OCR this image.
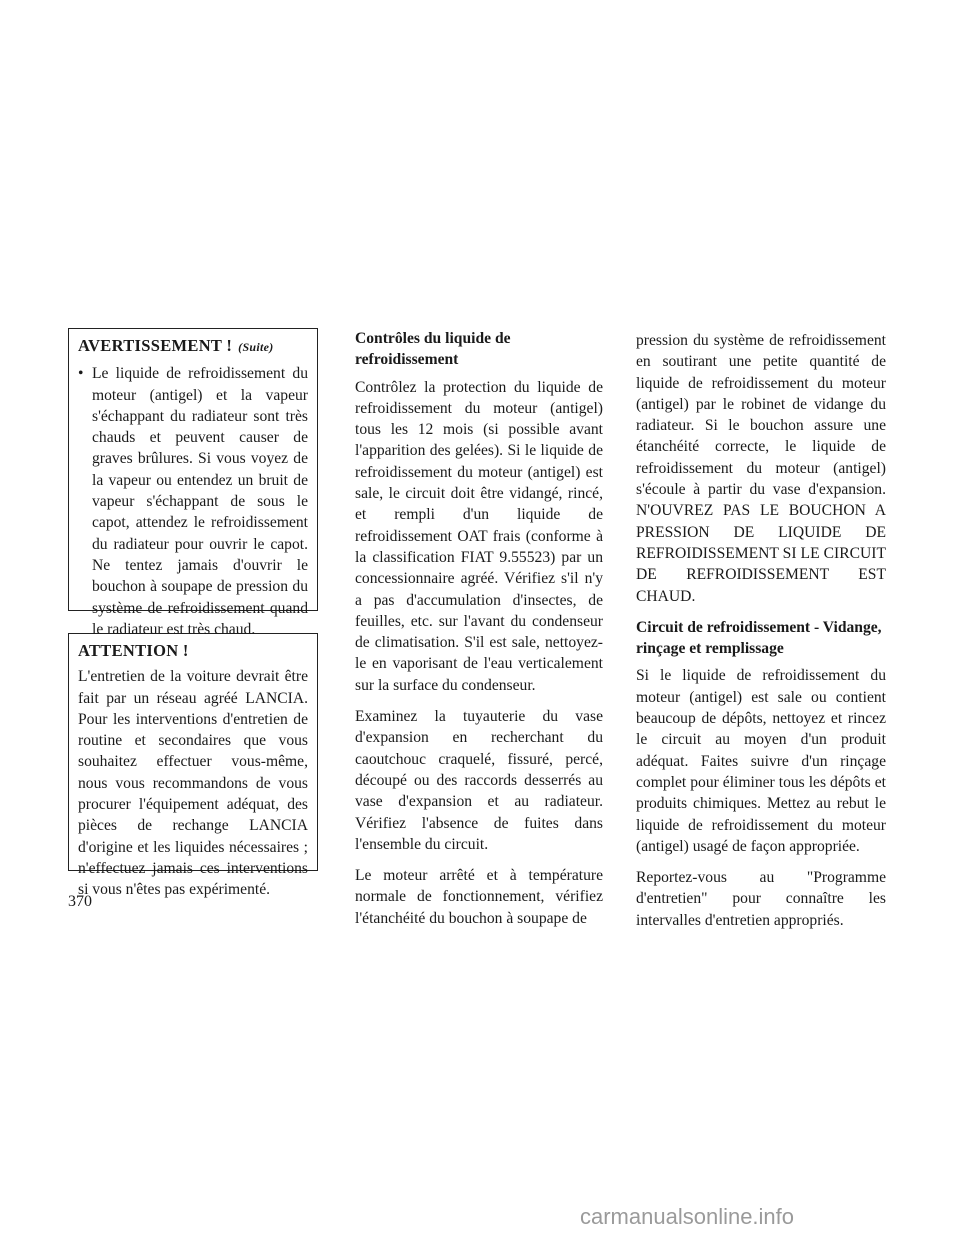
AVERTISSEMENT ! (Suite)
• Le liquide de refroidissement du moteur (antigel) et la vapeur s'échappant du radiateur sont très chauds et peuvent causer de graves brûlures. Si vous voyez de la vapeur ou entendez un bruit de vapeur s'échappant de sous le capot, attendez le refroidissement du radiateur pour ouvrir le capot. Ne tentez jamais d'ouvrir le bouchon à soupape de pression du système de refroidissement quand le radiateur est très chaud.
ATTENTION !

L'entretien de la voiture devrait être fait par un réseau agréé LANCIA. Pour les interventions d'entretien de routine et secondaires que vous souhaitez effectuer vous-même, nous vous recommandons de vous procurer l'équipement adéquat, des pièces de rechange LANCIA d'origine et les liquides nécessaires ; n'effectuez jamais ces interventions si vous n'êtes pas expérimenté.

Contrôles du liquide de refroidissement

Contrôlez la protection du liquide de refroidissement du moteur (antigel) tous les 12 mois (si possible avant l'apparition des gelées). Si le liquide de refroidissement du moteur (antigel) est sale, le circuit doit être vidangé, rincé, et rempli d'un liquide de refroidissement OAT frais (conforme à la classification FIAT 9.55523) par un concessionnaire agréé. Vérifiez s'il n'y a pas d'accumulation d'insectes, de feuilles, etc. sur l'avant du condenseur de climatisation. S'il est sale, nettoyez-le en vaporisant de l'eau verticalement sur la surface du condenseur.

Examinez la tuyauterie du vase d'expansion en recherchant du caoutchouc craquelé, fissuré, percé, découpé ou des raccords desserrés au vase d'expansion et au radiateur. Vérifiez l'absence de fuites dans l'ensemble du circuit.

Le moteur arrêté et à température normale de fonctionnement, vérifiez l'étanchéité du bouchon à soupape de

pression du système de refroidissement en soutirant une petite quantité de liquide de refroidissement du moteur (antigel) par le robinet de vidange du radiateur. Si le bouchon assure une étanchéité correcte, le liquide de refroidissement du moteur (antigel) s'écoule à partir du vase d'expansion. N'OUVREZ PAS LE BOUCHON A PRESSION DE LIQUIDE DE REFROIDISSEMENT SI LE CIRCUIT DE REFROIDISSEMENT EST CHAUD.

Circuit de refroidissement - Vidange, rinçage et remplissage

Si le liquide de refroidissement du moteur (antigel) est sale ou contient beaucoup de dépôts, nettoyez et rincez le circuit au moyen d'un produit adéquat. Faites suivre d'un rinçage complet pour éliminer tous les dépôts et produits chimiques. Mettez au rebut le liquide de refroidissement du moteur (antigel) usagé de façon appropriée.

Reportez-vous au "Programme d'entretien" pour connaître les intervalles d'entretien appropriés.

370
carmanualsonline.info
